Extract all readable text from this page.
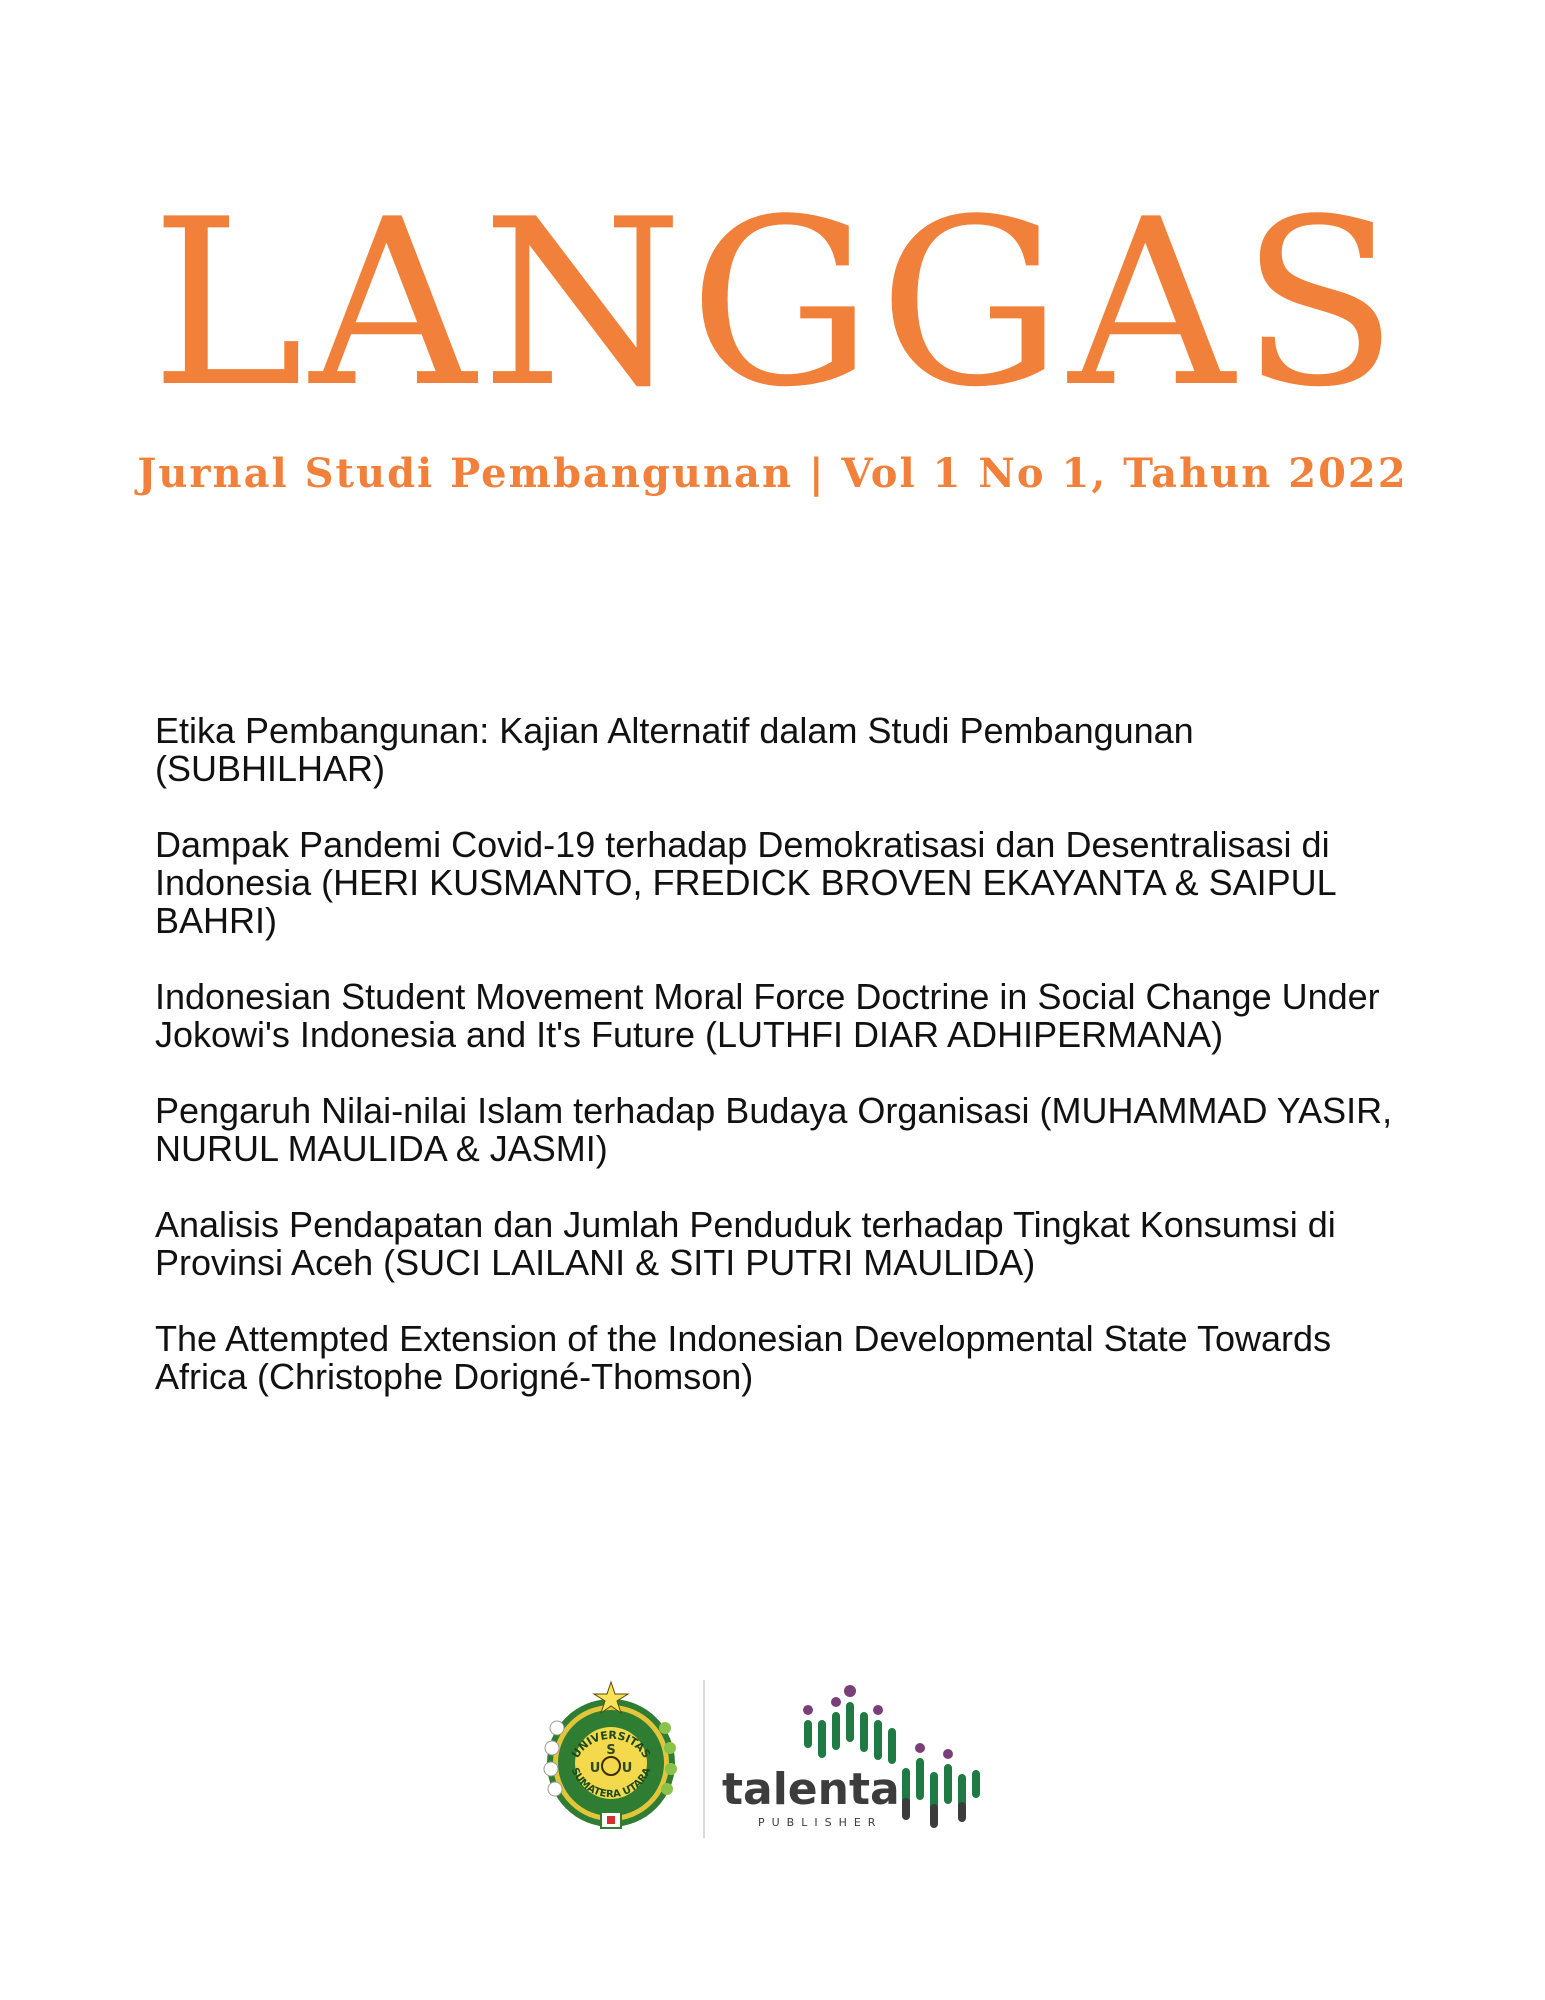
LANGGAS
Jurnal Studi Pembangunan | Vol 1 No 1, Tahun 2022
Etika Pembangunan: Kajian Alternatif dalam Studi Pembangunan (SUBHILHAR)
Dampak Pandemi Covid-19 terhadap Demokratisasi dan Desentralisasi di Indonesia (HERI KUSMANTO, FREDICK BROVEN EKAYANTA & SAIPUL BAHRI)
Indonesian Student Movement Moral Force Doctrine in Social Change Under Jokowi's Indonesia and It's Future (LUTHFI DIAR ADHIPERMANA)
Pengaruh Nilai-nilai Islam terhadap Budaya Organisasi (MUHAMMAD YASIR, NURUL MAULIDA & JASMI)
Analisis Pendapatan dan Jumlah Penduduk terhadap Tingkat Konsumsi di Provinsi Aceh (SUCI LAILANI & SITI PUTRI MAULIDA)
The Attempted Extension of the Indonesian Developmental State Towards Africa (Christophe Dorigné-Thomson)
UNIVERSITAS
SUMATERA UTARA
S
U U talenta
PUBLISHER
